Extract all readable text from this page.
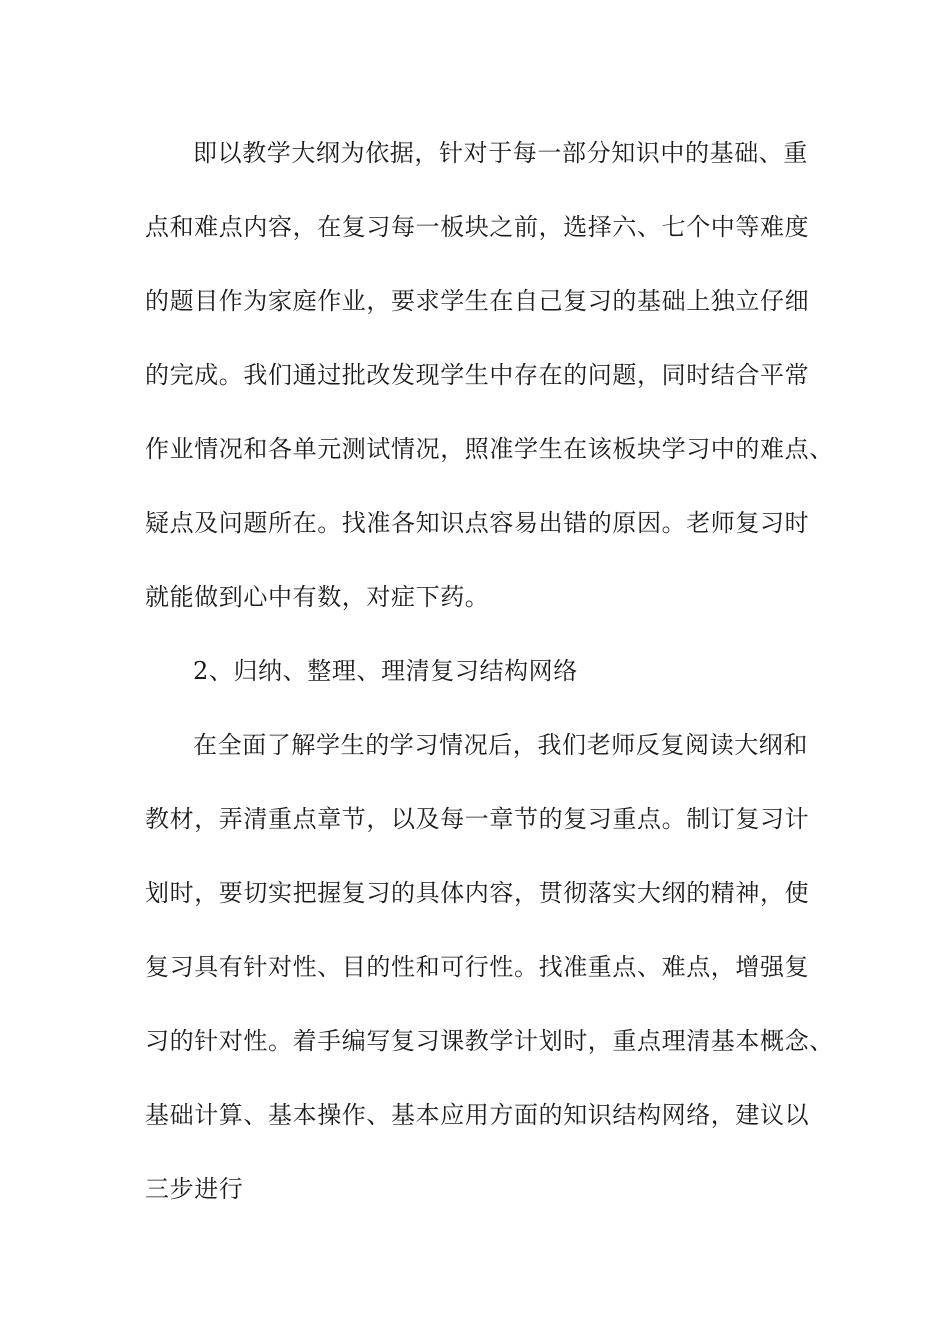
即以教学大纲为依据，针对于每一部分知识中的基础、重
点和难点内容，在复习每一板块之前，选择六、七个中等难度
的题目作为家庭作业，要求学生在自己复习的基础上独立仔细
的完成。我们通过批改发现学生中存在的问题，同时结合平常
作业情况和各单元测试情况，照准学生在该板块学习中的难点、
疑点及问题所在。找准各知识点容易出错的原因。老师复习时
就能做到心中有数，对症下药。
2、归纳、整理、理清复习结构网络
在全面了解学生的学习情况后，我们老师反复阅读大纲和
教材，弄清重点章节，以及每一章节的复习重点。制订复习计
划时，要切实把握复习的具体内容，贯彻落实大纲的精神，使
复习具有针对性、目的性和可行性。找准重点、难点，增强复
习的针对性。着手编写复习课教学计划时，重点理清基本概念、
基础计算、基本操作、基本应用方面的知识结构网络，建议以
三步进行
